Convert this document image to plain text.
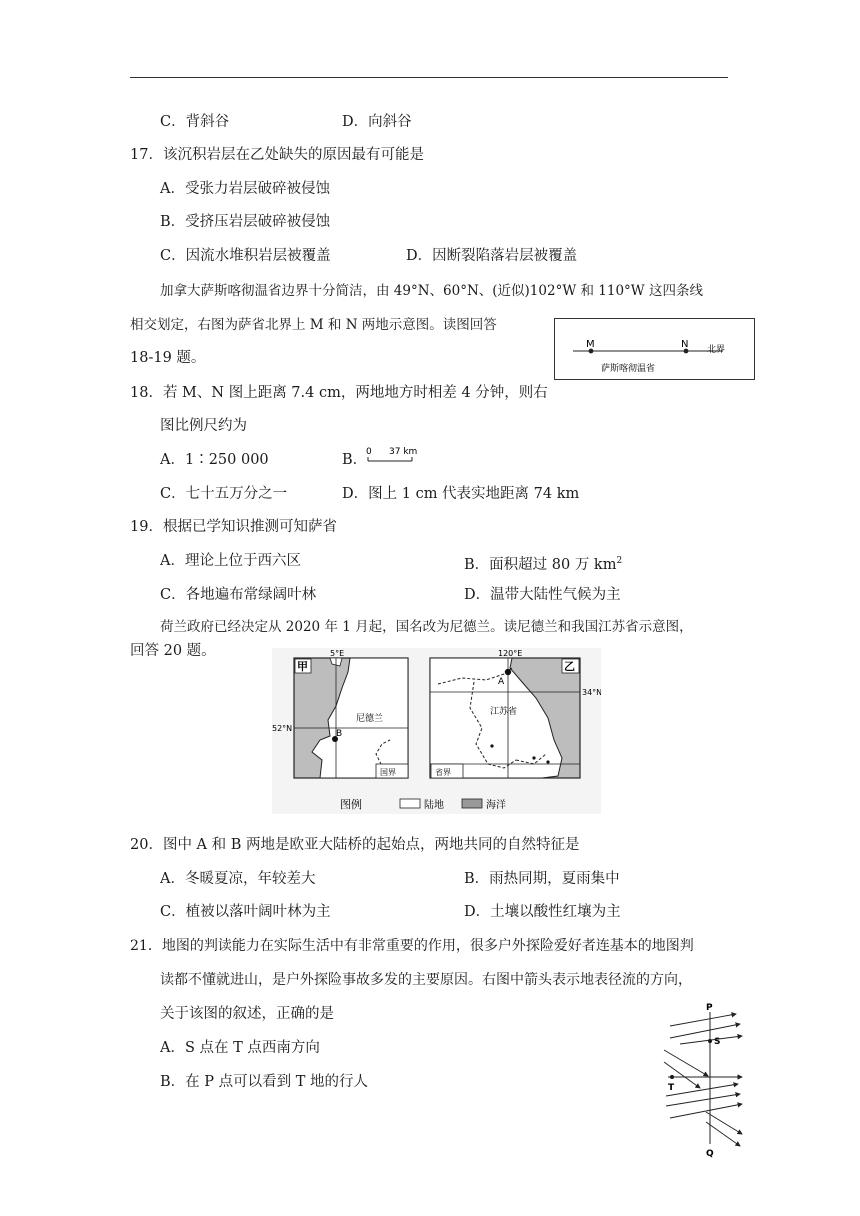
C．背斜谷	D．向斜谷
17．该沉积岩层在乙处缺失的原因最有可能是
A．受张力岩层破碎被侵蚀
B．受挤压岩层破碎被侵蚀
C．因流水堆积岩层被覆盖	D．因断裂陷落岩层被覆盖
加拿大萨斯喀彻温省边界十分简洁，由 49°N、60°N、(近似)102°W 和 110°W 这四条线
相交划定，右图为萨省北界上 M 和 N 两地示意图。读图回答
18-19 题。
M	N 北界
萨斯喀彻温省
18．若 M、N 图上距离 7.4 cm，两地地方时相差 4 分钟，则右
图比例尺约为
A．1∶250 000	B．
0 37 km
C．七十五万分之一	D．图上 1 cm 代表实地距离 74 km
19．根据已学知识推测可知萨省
A．理论上位于西六区	B．面积超过 80 万 $km^2$
C．各地遍布常绿阔叶林	D．温带大陆性气候为主
荷兰政府已经决定从 2020 年 1 月起，国名改为尼德兰。读尼德兰和我国江苏省示意图，
回答 20 题。
甲
5°E
52°N
尼德兰
B
国界
乙
120°E
34°N
江苏省
A
省界
图例	陆地	海洋
20．图中 A 和 B 两地是欧亚大陆桥的起始点，两地共同的自然特征是
A．冬暖夏凉，年较差大	B．雨热同期，夏雨集中
C．植被以落叶阔叶林为主	D．土壤以酸性红壤为主
21．地图的判读能力在实际生活中有非常重要的作用，很多户外探险爱好者连基本的地图判
读都不懂就进山，是户外探险事故多发的主要原因。右图中箭头表示地表径流的方向，
关于该图的叙述，正确的是
A．S 点在 T 点西南方向
B．在 P 点可以看到 T 地的行人
P
Q
S
T
